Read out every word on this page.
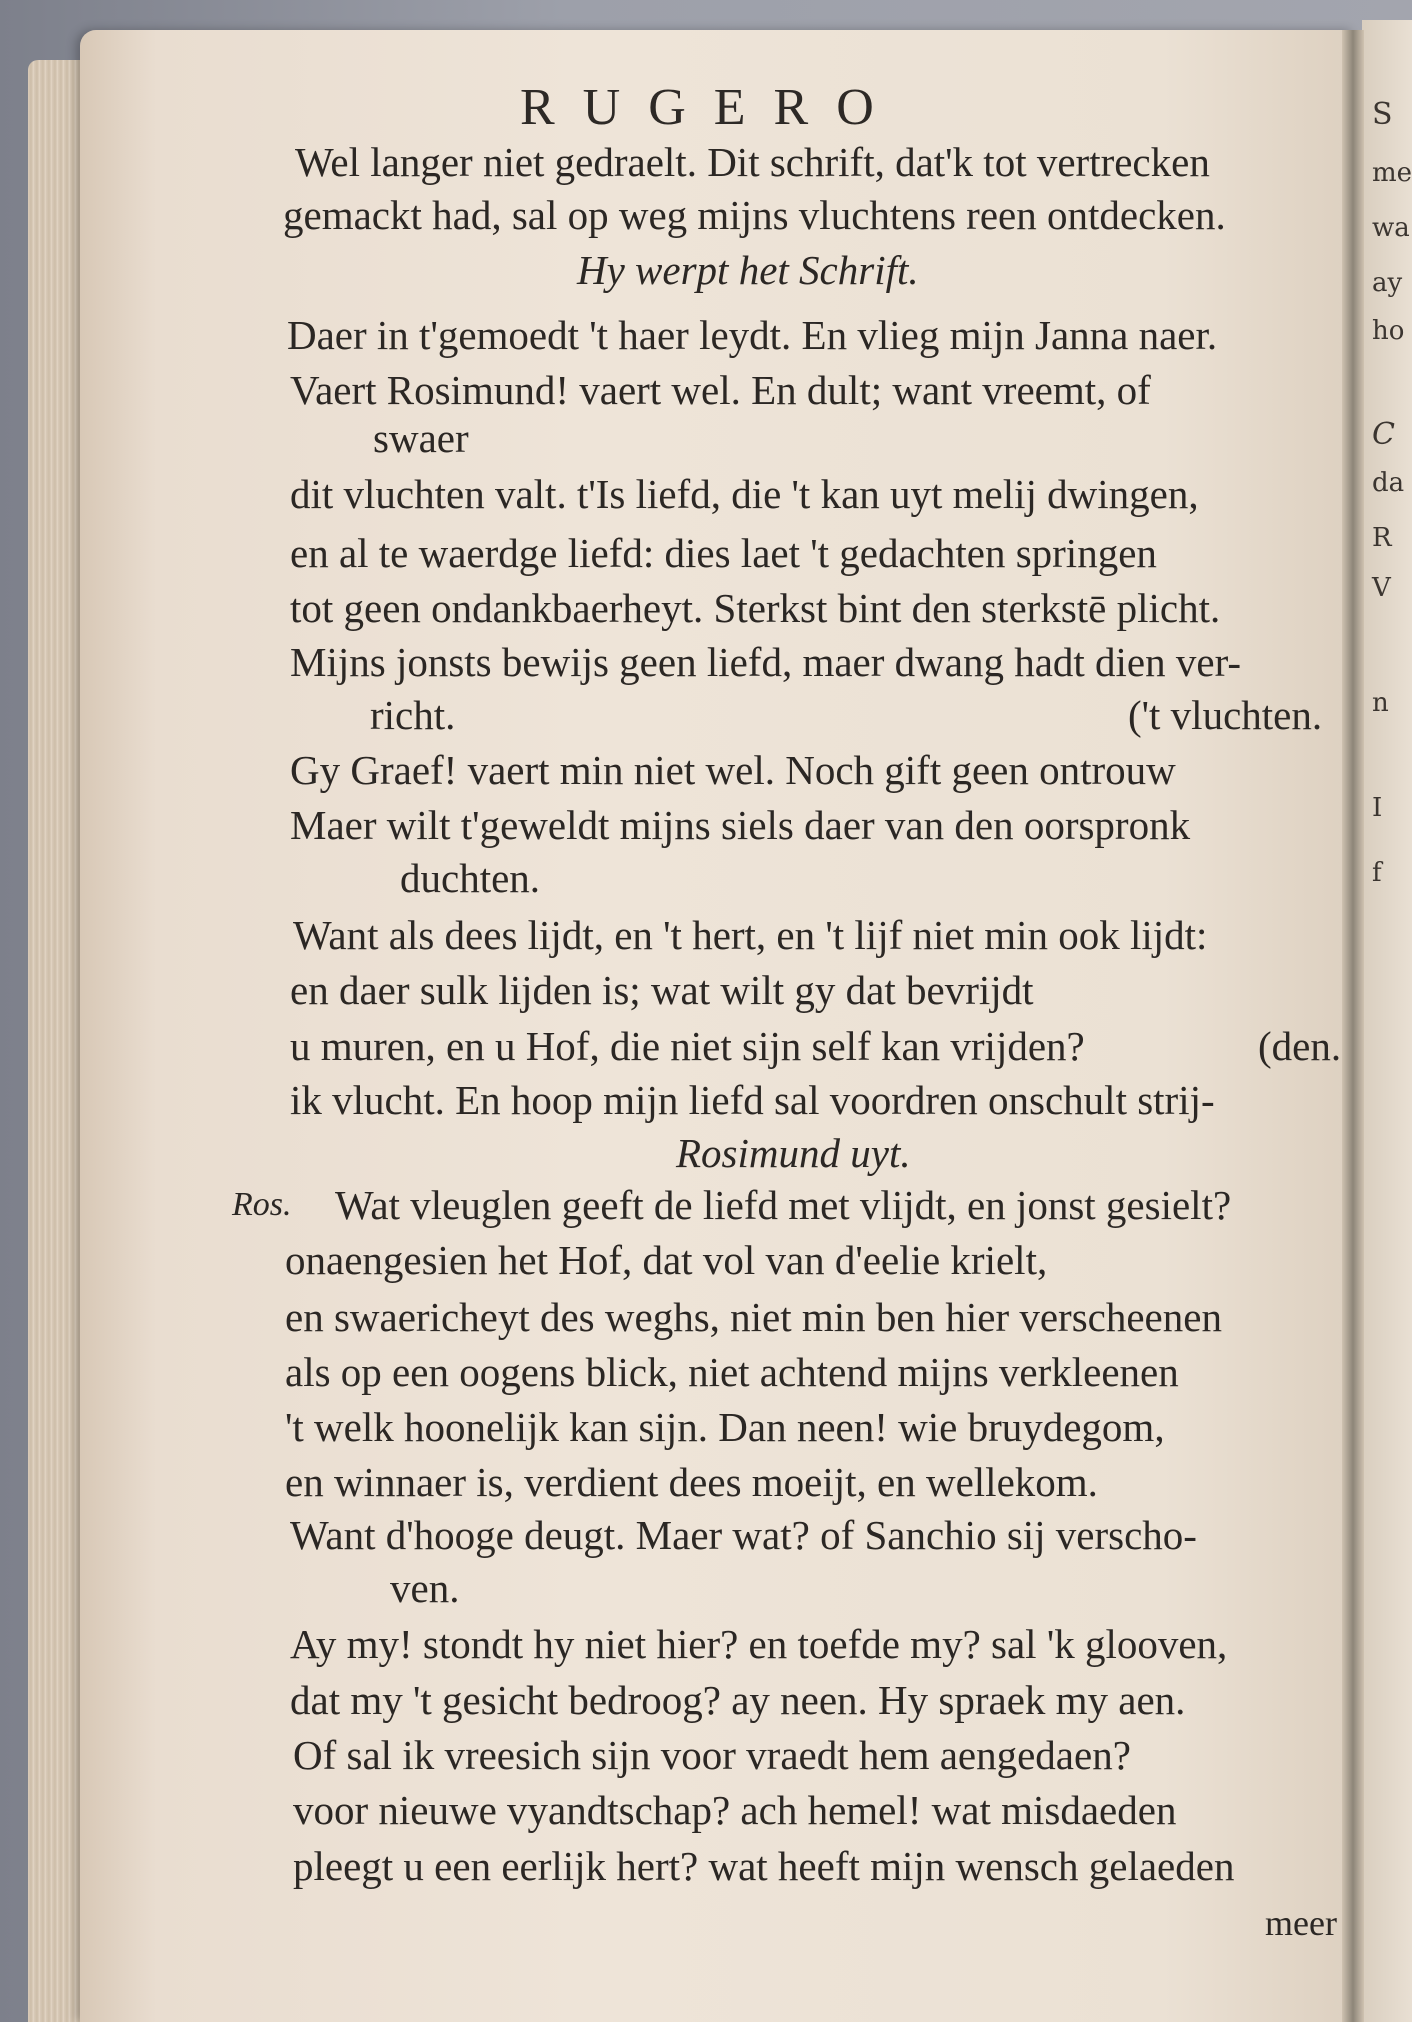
S
me
wa
ay
ho
C
da
R
V
n
I
f
RUGERO
Wel langer niet gedraelt. Dit schrift, dat'k tot vertrecken
gemackt had, sal op weg mijns vluchtens reen ontdecken.
Hy werpt het Schrift.
Daer in t'gemoedt 't haer leydt. En vlieg mijn Janna naer.
Vaert Rosimund! vaert wel. En dult; want vreemt, of
swaer
dit vluchten valt. t'Is liefd, die 't kan uyt melij dwingen,
en al te waerdge liefd: dies laet 't gedachten springen
tot geen ondankbaerheyt. Sterkst bint den sterkstē plicht.
Mijns jonsts bewijs geen liefd, maer dwang hadt dien ver-
richt.	('t vluchten.
Gy Graef! vaert min niet wel. Noch gift geen ontrouw
Maer wilt t'geweldt mijns siels daer van den oorspronk
duchten.
Want als dees lijdt, en 't hert, en 't lijf niet min ook lijdt:
en daer sulk lijden is; wat wilt gy dat bevrijdt
u muren, en u Hof, die niet sijn self kan vrijden?	(den.
ik vlucht. En hoop mijn liefd sal voordren onschult strij-
Rosimund uyt.
Ros. Wat vleuglen geeft de liefd met vlijdt, en jonst gesielt?
onaengesien het Hof, dat vol van d'eelie krielt,
en swaericheyt des weghs, niet min ben hier verscheenen
als op een oogens blick, niet achtend mijns verkleenen
't welk hoonelijk kan sijn. Dan neen! wie bruydegom,
en winnaer is, verdient dees moeijt, en wellekom.
Want d'hooge deugt. Maer wat? of Sanchio sij verscho-
ven.
Ay my! stondt hy niet hier? en toefde my? sal 'k glooven,
dat my 't gesicht bedroog? ay neen. Hy spraek my aen.
Of sal ik vreesich sijn voor vraedt hem aengedaen?
voor nieuwe vyandtschap? ach hemel! wat misdaeden
pleegt u een eerlijk hert? wat heeft mijn wensch gelaeden
meer
